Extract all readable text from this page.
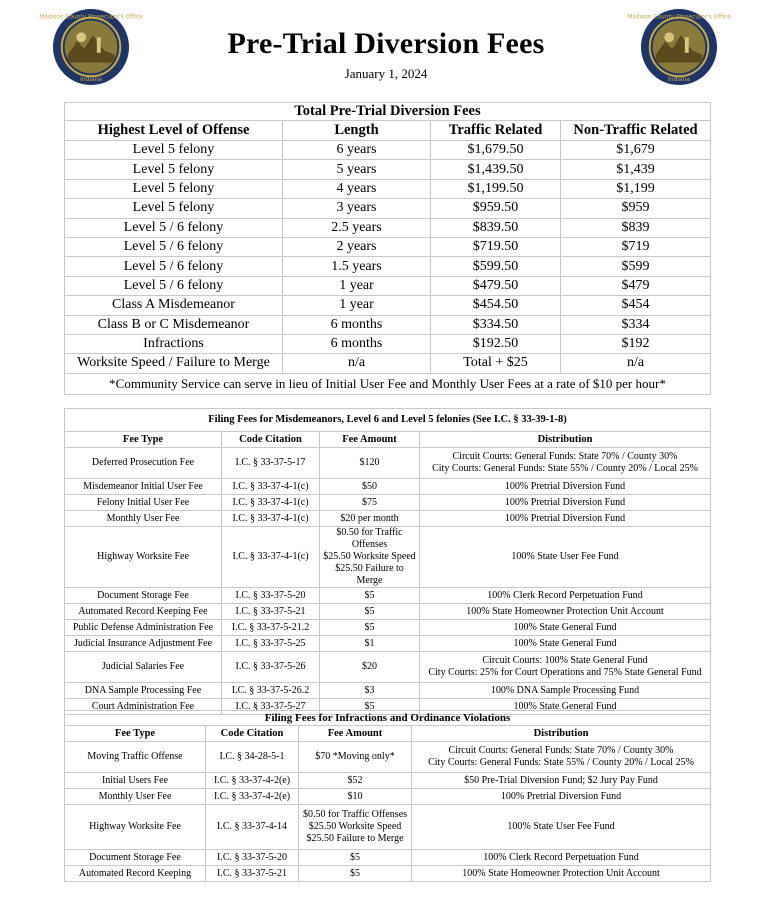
Madison County Prosecutor's Office
Indiana
Madison County Prosecutor's Office
Indiana
Pre-Trial Diversion Fees
January 1, 2024
Total Pre-Trial Diversion Fees			
Highest Level of Offense	Length	Traffic Related	Non-Traffic Related
Level 5 felony	6 years	$1,679.50	$1,679
Level 5 felony	5 years	$1,439.50	$1,439
Level 5 felony	4 years	$1,199.50	$1,199
Level 5 felony	3 years	$959.50	$959
Level 5 / 6 felony	2.5 years	$839.50	$839
Level 5 / 6 felony	2 years	$719.50	$719
Level 5 / 6 felony	1.5 years	$599.50	$599
Level 5 / 6 felony	1 year	$479.50	$479
Class A Misdemeanor	1 year	$454.50	$454
Class B or C Misdemeanor	6 months	$334.50	$334
Infractions	6 months	$192.50	$192
Worksite Speed / Failure to Merge	n/a	Total + $25	n/a
*Community Service can serve in lieu of Initial User Fee and Monthly User Fees at a rate of $10 per hour*			
Filing Fees for Misdemeanors, Level 6 and Level 5 felonies (See I.C. § 33-39-1-8)			
Fee Type	Code Citation	Fee Amount	Distribution
Deferred Prosecution Fee	I.C. § 33-37-5-17	$120	Circuit Courts: General Funds: State 70% / County 30%
City Courts: General Funds: State 55% / County 20% / Local 25%

Misdemeanor Initial User Fee	I.C. § 33-37-4-1(c)	$50	100% Pretrial Diversion Fund

Felony Initial User Fee	I.C. § 33-37-4-1(c)	$75	100% Pretrial Diversion Fund

Monthly User Fee	I.C. § 33-37-4-1(c)	$20 per month	100% Pretrial Diversion Fund

Highway Worksite Fee	I.C. § 33-37-4-1(c)	$0.50 for Traffic Offenses
$25.50 Worksite Speed
$25.50 Failure to Merge	100% State User Fee Fund

Document Storage Fee	I.C. § 33-37-5-20	$5	100% Clerk Record Perpetuation Fund

Automated Record Keeping Fee	I.C. § 33-37-5-21	$5	100% State Homeowner Protection Unit Account

Public Defense Administration Fee	I.C. § 33-37-5-21.2	$5	100% State General Fund

Judicial Insurance Adjustment Fee	I.C. § 33-37-5-25	$1	100% State General Fund

Judicial Salaries Fee	I.C. § 33-37-5-26	$20	Circuit Courts: 100% State General Fund
City Courts: 25% for Court Operations and 75% State General Fund

DNA Sample Processing Fee	I.C. § 33-37-5-26.2	$3	100% DNA Sample Processing Fund

Court Administration Fee	I.C. § 33-37-5-27	$5	100% State General Fund
Filing Fees for Infractions and Ordinance Violations			
Fee Type	Code Citation	Fee Amount	Distribution
Moving Traffic Offense	I.C. § 34-28-5-1	$70 *Moving only*	Circuit Courts: General Funds: State 70% / County 30%
City Courts: General Funds: State 55% / County 20% / Local 25%

Initial Users Fee	I.C. § 33-37-4-2(e)	$52	$50 Pre-Trial Diversion Fund; $2 Jury Pay Fund

Monthly User Fee	I.C. § 33-37-4-2(e)	$10	100% Pretrial Diversion Fund

Highway Worksite Fee	I.C. § 33-37-4-14	$0.50 for Traffic Offenses
$25.50 Worksite Speed
$25.50 Failure to Merge	100% State User Fee Fund

Document Storage Fee	I.C. § 33-37-5-20	$5	100% Clerk Record Perpetuation Fund

Automated Record Keeping	I.C. § 33-37-5-21	$5	100% State Homeowner Protection Unit Account
